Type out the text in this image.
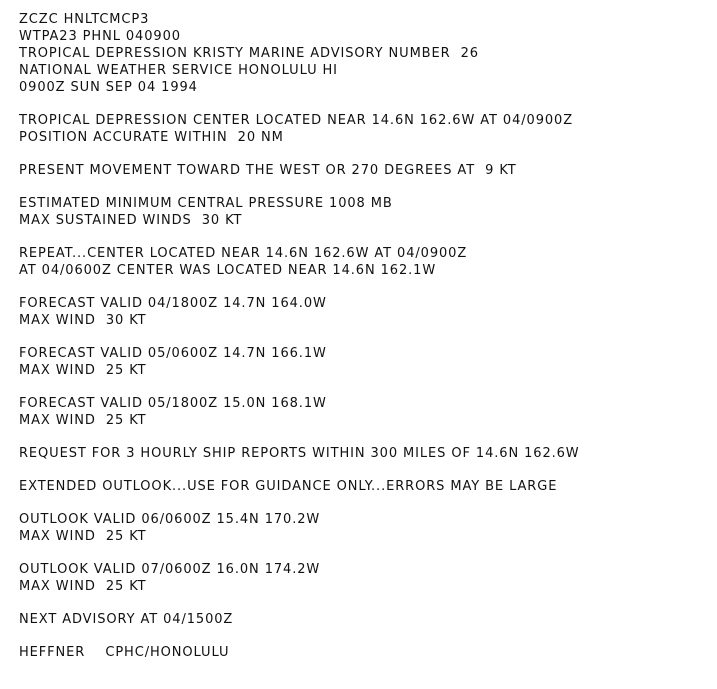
ZCZC HNLTCMCP3
WTPA23 PHNL 040900
TROPICAL DEPRESSION KRISTY MARINE ADVISORY NUMBER  26
NATIONAL WEATHER SERVICE HONOLULU HI
0900Z SUN SEP 04 1994
TROPICAL DEPRESSION CENTER LOCATED NEAR 14.6N 162.6W AT 04/0900Z
POSITION ACCURATE WITHIN  20 NM
PRESENT MOVEMENT TOWARD THE WEST OR 270 DEGREES AT  9 KT
ESTIMATED MINIMUM CENTRAL PRESSURE 1008 MB
MAX SUSTAINED WINDS  30 KT
REPEAT...CENTER LOCATED NEAR 14.6N 162.6W AT 04/0900Z
AT 04/0600Z CENTER WAS LOCATED NEAR 14.6N 162.1W
FORECAST VALID 04/1800Z 14.7N 164.0W
MAX WIND  30 KT
FORECAST VALID 05/0600Z 14.7N 166.1W
MAX WIND  25 KT
FORECAST VALID 05/1800Z 15.0N 168.1W
MAX WIND  25 KT
REQUEST FOR 3 HOURLY SHIP REPORTS WITHIN 300 MILES OF 14.6N 162.6W
EXTENDED OUTLOOK...USE FOR GUIDANCE ONLY...ERRORS MAY BE LARGE
OUTLOOK VALID 06/0600Z 15.4N 170.2W
MAX WIND  25 KT
OUTLOOK VALID 07/0600Z 16.0N 174.2W
MAX WIND  25 KT
NEXT ADVISORY AT 04/1500Z
HEFFNER    CPHC/HONOLULU
